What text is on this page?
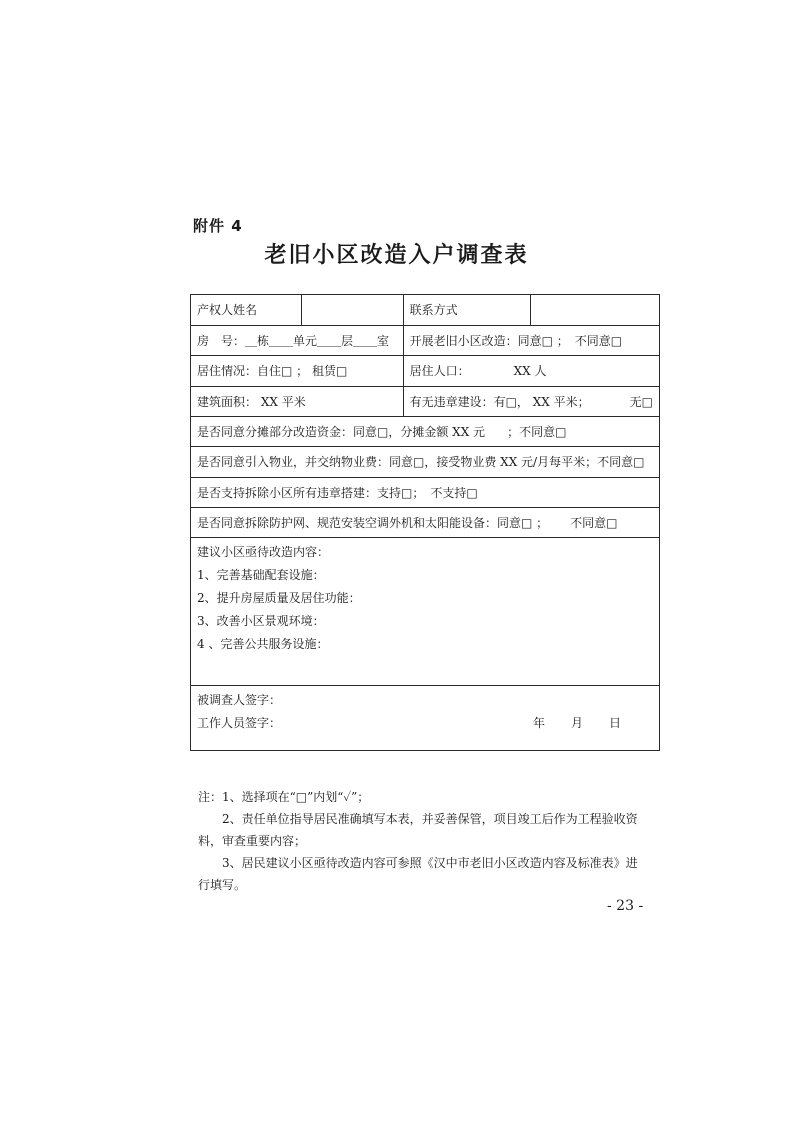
附件 4
老旧小区改造入户调查表
产权人姓名		联系方式	
房　号：＿栋＿＿单元＿＿层＿＿室		开展老旧小区改造：同意□ ；　不同意□	
居住情况：自住□ ； 租赁□		居住人口： XX 人	
建筑面积： XX 平米		有无违章建设：有□， XX 平米； 无□	
是否同意分摊部分改造资金：同意□，分摊金额 XX 元 ；不同意□			
是否同意引入物业，并交纳物业费：同意□，接受物业费 XX 元/月每平米；不同意□			
是否支持拆除小区所有违章搭建：支持□；　不支持□			
是否同意拆除防护网、规范安装空调外机和太阳能设备：同意□ ； 不同意□			

建议小区亟待改造内容：
1、完善基础配套设施：
2、提升房屋质量及居住功能：
3、改善小区景观环境：
4 、完善公共服务设施：			

被调查人签字：
工作人员签字： 年 月 日			
注：1、选择项在“□”内划“✓”；
2、责任单位指导居民准确填写本表，并妥善保管，项目竣工后作为工程验收资
料，审查重要内容；
3、居民建议小区亟待改造内容可参照《汉中市老旧小区改造内容及标准表》进
行填写。
- 23 -
